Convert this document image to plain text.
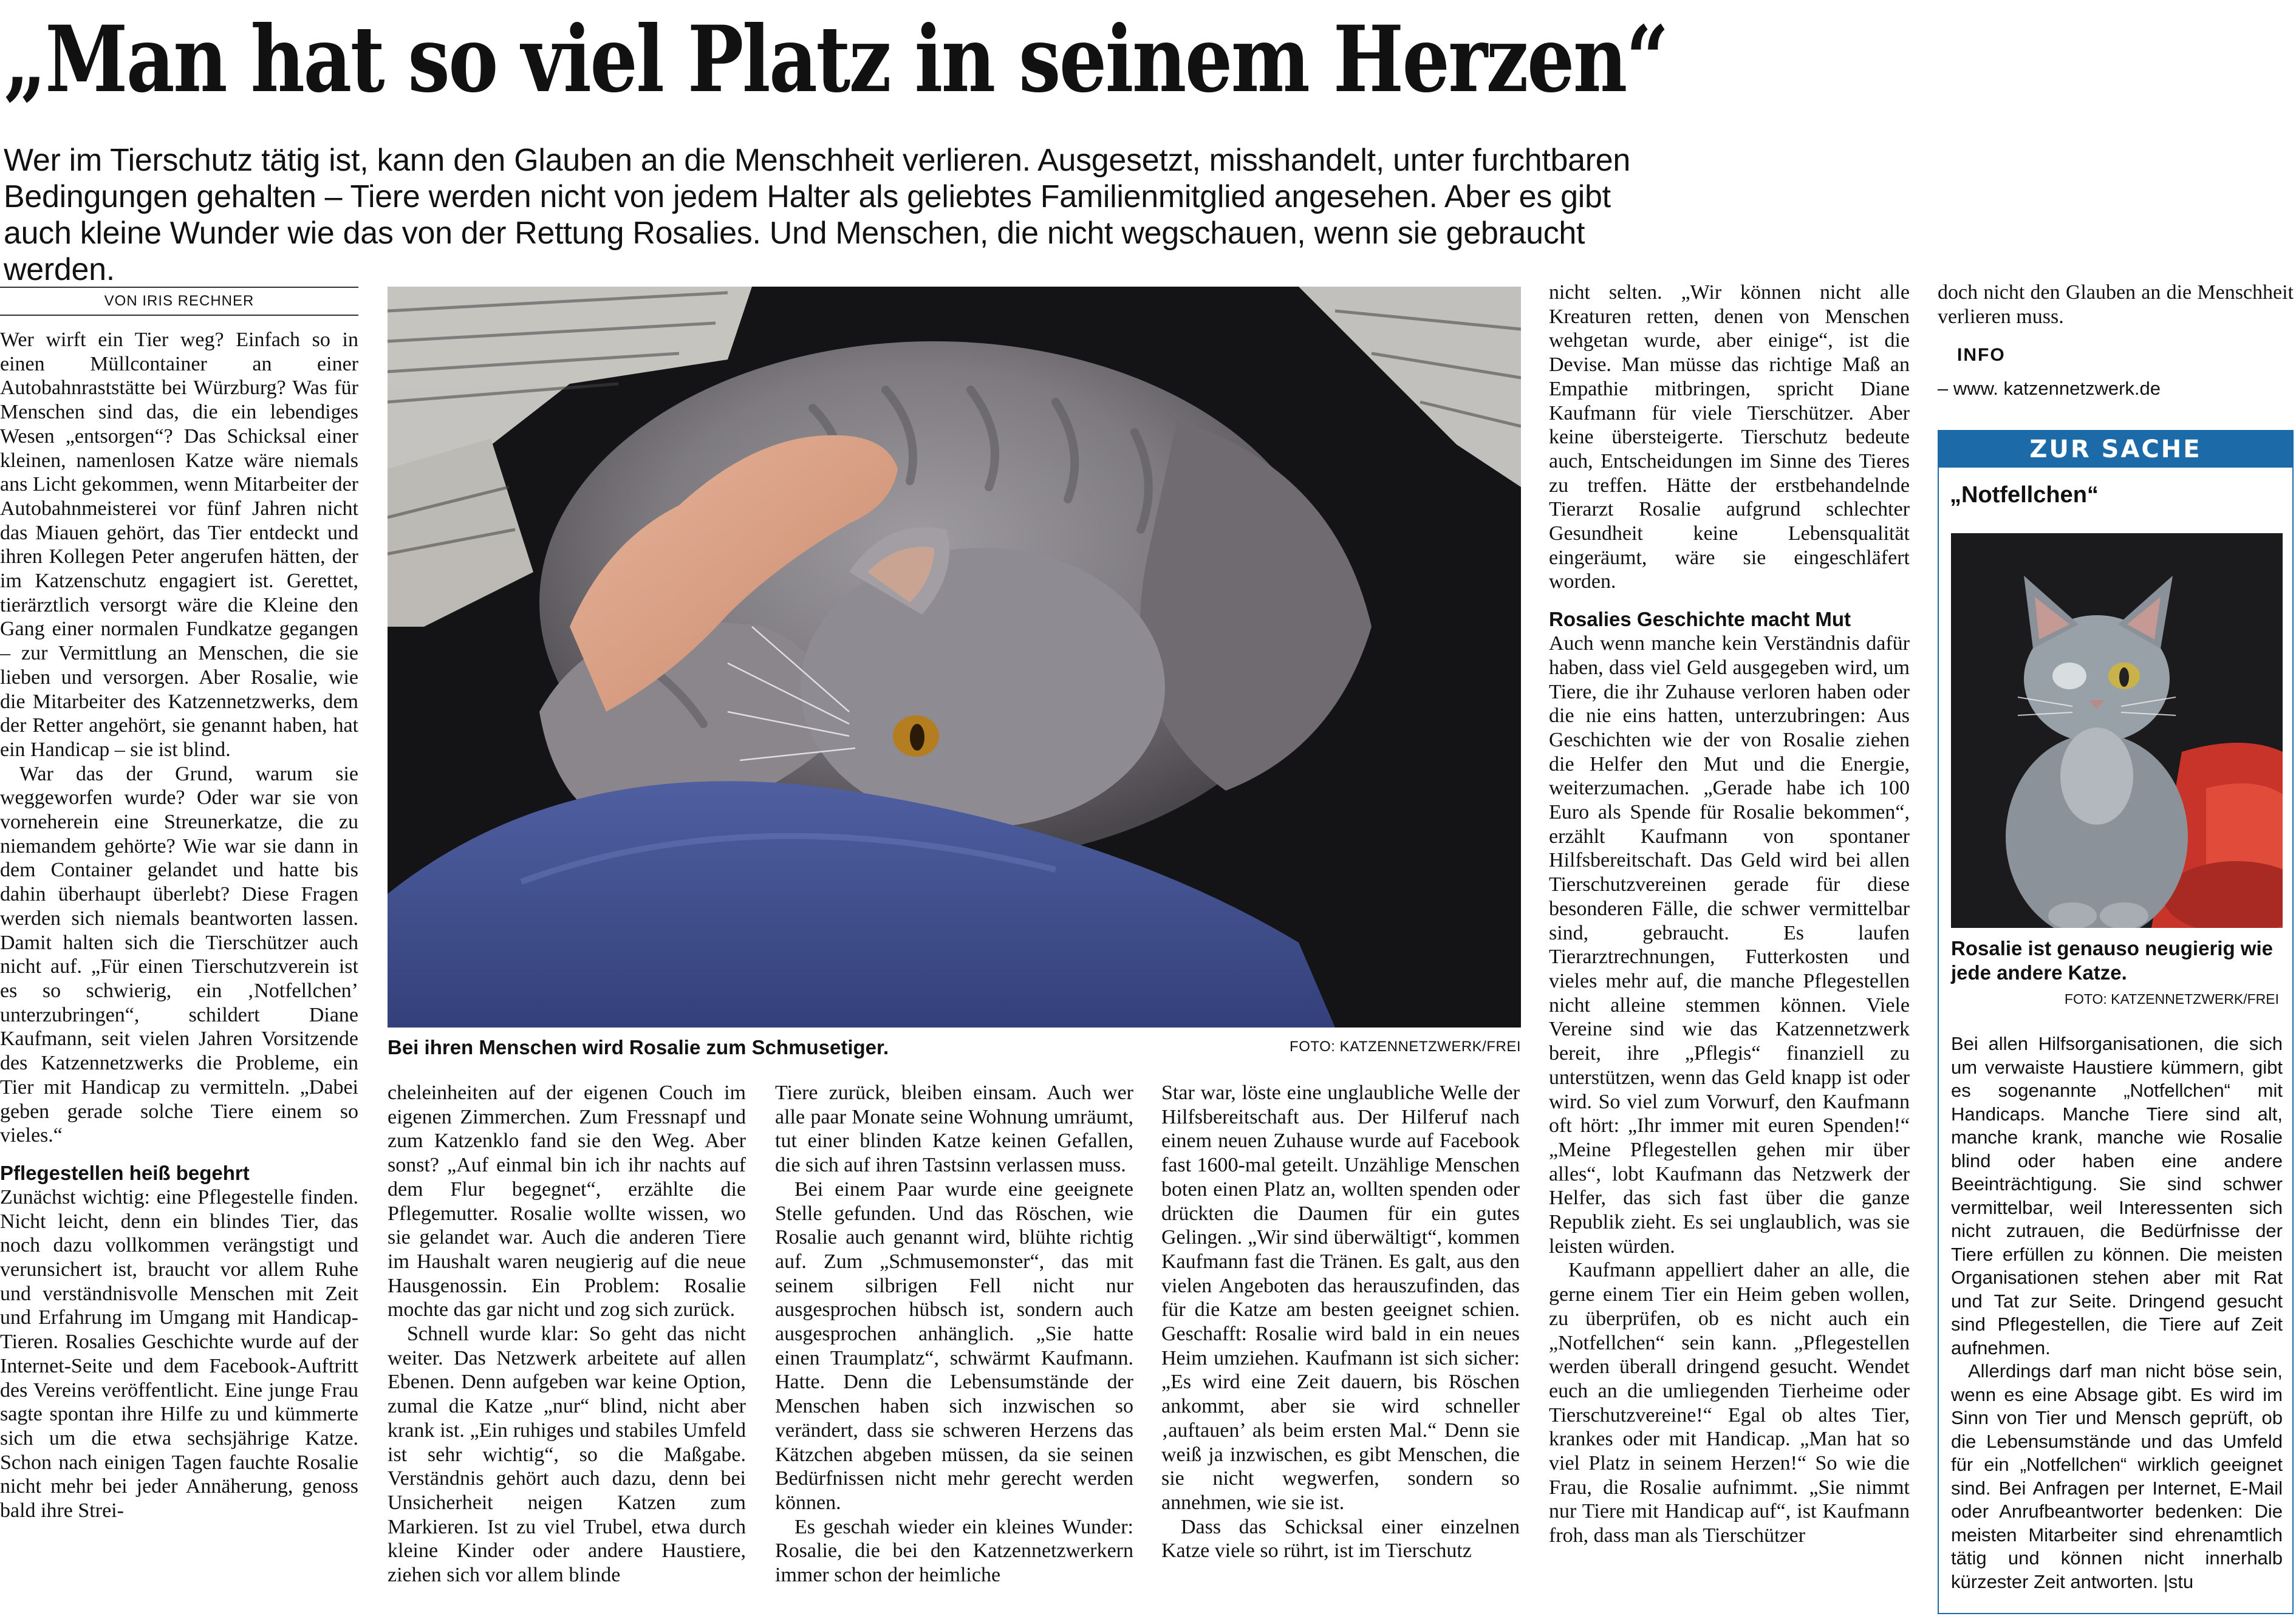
„Man hat so viel Platz in seinem Herzen“

Wer im Tierschutz tätig ist, kann den Glauben an die Menschheit verlieren. Ausgesetzt, misshandelt, unter furchtbaren Bedingungen gehalten – Tiere werden nicht von jedem Halter als geliebtes Familienmitglied angesehen. Aber es gibt auch kleine Wunder wie das von der Rettung Rosalies. Und Menschen, die nicht wegschauen, wenn sie gebraucht werden.

VON IRIS RECHNER

Wer wirft ein Tier weg? Einfach so in einen Müllcontainer an einer Autobahnraststätte bei Würzburg? Was für Menschen sind das, die ein lebendiges Wesen „entsorgen“? Das Schicksal einer kleinen, namenlosen Katze wäre niemals ans Licht gekommen, wenn Mitarbeiter der Autobahnmeisterei vor fünf Jahren nicht das Miauen gehört, das Tier entdeckt und ihren Kollegen Peter angerufen hätten, der im Katzenschutz engagiert ist. Gerettet, tierärztlich versorgt wäre die Kleine den Gang einer normalen Fundkatze gegangen – zur Vermittlung an Menschen, die sie lieben und versorgen. Aber Rosalie, wie die Mitarbeiter des Katzennetzwerks, dem der Retter angehört, sie genannt haben, hat ein Handicap – sie ist blind.

War das der Grund, warum sie weggeworfen wurde? Oder war sie von vorneherein eine Streunerkatze, die zu niemandem gehörte? Wie war sie dann in dem Container gelandet und hatte bis dahin überhaupt überlebt? Diese Fragen werden sich niemals beantworten lassen. Damit halten sich die Tierschützer auch nicht auf. „Für einen Tierschutzverein ist es so schwierig, ein ‚Notfellchen’ unterzubringen“, schildert Diane Kaufmann, seit vielen Jahren Vorsitzende des Katzennetzwerks die Probleme, ein Tier mit Handicap zu vermitteln. „Dabei geben gerade solche Tiere einem so vieles.“

Pflegestellen heiß begehrt

Zunächst wichtig: eine Pflegestelle finden. Nicht leicht, denn ein blindes Tier, das noch dazu vollkommen verängstigt und verunsichert ist, braucht vor allem Ruhe und verständnisvolle Menschen mit Zeit und Erfahrung im Umgang mit Handicap-Tieren. Rosalies Geschichte wurde auf der Internet-Seite und dem Facebook-Auftritt des Vereins veröffentlicht. Eine junge Frau sagte spontan ihre Hilfe zu und kümmerte sich um die etwa sechsjährige Katze. Schon nach einigen Tagen fauchte Rosalie nicht mehr bei jeder Annäherung, genoss bald ihre Strei-

Bei ihren Menschen wird Rosalie zum Schmusetiger.	FOTO: KATZENNETZWERK/FREI

cheleinheiten auf der eigenen Couch im eigenen Zimmerchen. Zum Fressnapf und zum Katzenklo fand sie den Weg. Aber sonst? „Auf einmal bin ich ihr nachts auf dem Flur begegnet“, erzählte die Pflegemutter. Rosalie wollte wissen, wo sie gelandet war. Auch die anderen Tiere im Haushalt waren neugierig auf die neue Hausgenossin. Ein Problem: Rosalie mochte das gar nicht und zog sich zurück.

Schnell wurde klar: So geht das nicht weiter. Das Netzwerk arbeitete auf allen Ebenen. Denn aufgeben war keine Option, zumal die Katze „nur“ blind, nicht aber krank ist. „Ein ruhiges und stabiles Umfeld ist sehr wichtig“, so die Maßgabe. Verständnis gehört auch dazu, denn bei Unsicherheit neigen Katzen zum Markieren. Ist zu viel Trubel, etwa durch kleine Kinder oder andere Haustiere, ziehen sich vor allem blinde

Tiere zurück, bleiben einsam. Auch wer alle paar Monate seine Wohnung umräumt, tut einer blinden Katze keinen Gefallen, die sich auf ihren Tastsinn verlassen muss.

Bei einem Paar wurde eine geeignete Stelle gefunden. Und das Röschen, wie Rosalie auch genannt wird, blühte richtig auf. Zum „Schmusemonster“, das mit seinem silbrigen Fell nicht nur ausgesprochen hübsch ist, sondern auch ausgesprochen anhänglich. „Sie hatte einen Traumplatz“, schwärmt Kaufmann. Hatte. Denn die Lebensumstände der Menschen haben sich inzwischen so verändert, dass sie schweren Herzens das Kätzchen abgeben müssen, da sie seinen Bedürfnissen nicht mehr gerecht werden können.

Es geschah wieder ein kleines Wunder: Rosalie, die bei den Katzennetzwerkern immer schon der heimliche

Star war, löste eine unglaubliche Welle der Hilfsbereitschaft aus. Der Hilferuf nach einem neuen Zuhause wurde auf Facebook fast 1600-mal geteilt. Unzählige Menschen boten einen Platz an, wollten spenden oder drückten die Daumen für ein gutes Gelingen. „Wir sind überwältigt“, kommen Kaufmann fast die Tränen. Es galt, aus den vielen Angeboten das herauszufinden, das für die Katze am besten geeignet schien. Geschafft: Rosalie wird bald in ein neues Heim umziehen. Kaufmann ist sich sicher: „Es wird eine Zeit dauern, bis Röschen ankommt, aber sie wird schneller ‚auftauen’ als beim ersten Mal.“ Denn sie weiß ja inzwischen, es gibt Menschen, die sie nicht wegwerfen, sondern so annehmen, wie sie ist.

Dass das Schicksal einer einzelnen Katze viele so rührt, ist im Tierschutz

nicht selten. „Wir können nicht alle Kreaturen retten, denen von Menschen wehgetan wurde, aber einige“, ist die Devise. Man müsse das richtige Maß an Empathie mitbringen, spricht Diane Kaufmann für viele Tierschützer. Aber keine übersteigerte. Tierschutz bedeute auch, Entscheidungen im Sinne des Tieres zu treffen. Hätte der erstbehandelnde Tierarzt Rosalie aufgrund schlechter Gesundheit keine Lebensqualität eingeräumt, wäre sie eingeschläfert worden.

Rosalies Geschichte macht Mut

Auch wenn manche kein Verständnis dafür haben, dass viel Geld ausgegeben wird, um Tiere, die ihr Zuhause verloren haben oder die nie eins hatten, unterzubringen: Aus Geschichten wie der von Rosalie ziehen die Helfer den Mut und die Energie, weiterzumachen. „Gerade habe ich 100 Euro als Spende für Rosalie bekommen“, erzählt Kaufmann von spontaner Hilfsbereitschaft. Das Geld wird bei allen Tierschutzvereinen gerade für diese besonderen Fälle, die schwer vermittelbar sind, gebraucht. Es laufen Tierarztrechnungen, Futterkosten und vieles mehr auf, die manche Pflegestellen nicht alleine stemmen können. Viele Vereine sind wie das Katzennetzwerk bereit, ihre „Pflegis“ finanziell zu unterstützen, wenn das Geld knapp ist oder wird. So viel zum Vorwurf, den Kaufmann oft hört: „Ihr immer mit euren Spenden!“ „Meine Pflegestellen gehen mir über alles“, lobt Kaufmann das Netzwerk der Helfer, das sich fast über die ganze Republik zieht. Es sei unglaublich, was sie leisten würden.

Kaufmann appelliert daher an alle, die gerne einem Tier ein Heim geben wollen, zu überprüfen, ob es nicht auch ein „Notfellchen“ sein kann. „Pflegestellen werden überall dringend gesucht. Wendet euch an die umliegenden Tierheime oder Tierschutzvereine!“ Egal ob altes Tier, krankes oder mit Handicap. „Man hat so viel Platz in seinem Herzen!“ So wie die Frau, die Rosalie aufnimmt. „Sie nimmt nur Tiere mit Handicap auf“, ist Kaufmann froh, dass man als Tierschützer

doch nicht den Glauben an die Menschheit verlieren muss.

INFO
– www. katzennetzwerk.de
ZUR SACHE
„Notfellchen“
Rosalie ist genauso neugierig wie jede andere Katze.
FOTO: KATZENNETZWERK/FREI

Bei allen Hilfsorganisationen, die sich um verwaiste Haustiere kümmern, gibt es sogenannte „Notfellchen“ mit Handicaps. Manche Tiere sind alt, manche krank, manche wie Rosalie blind oder haben eine andere Beeinträchtigung. Sie sind schwer vermittelbar, weil Interessenten sich nicht zutrauen, die Bedürfnisse der Tiere erfüllen zu können. Die meisten Organisationen stehen aber mit Rat und Tat zur Seite. Dringend gesucht sind Pflegestellen, die Tiere auf Zeit aufnehmen.

Allerdings darf man nicht böse sein, wenn es eine Absage gibt. Es wird im Sinn von Tier und Mensch geprüft, ob die Lebensumstände und das Umfeld für ein „Notfellchen“ wirklich geeignet sind. Bei Anfragen per Internet, E-Mail oder Anrufbeantworter bedenken: Die meisten Mitarbeiter sind ehrenamtlich tätig und können nicht innerhalb kürzester Zeit antworten. |stu
